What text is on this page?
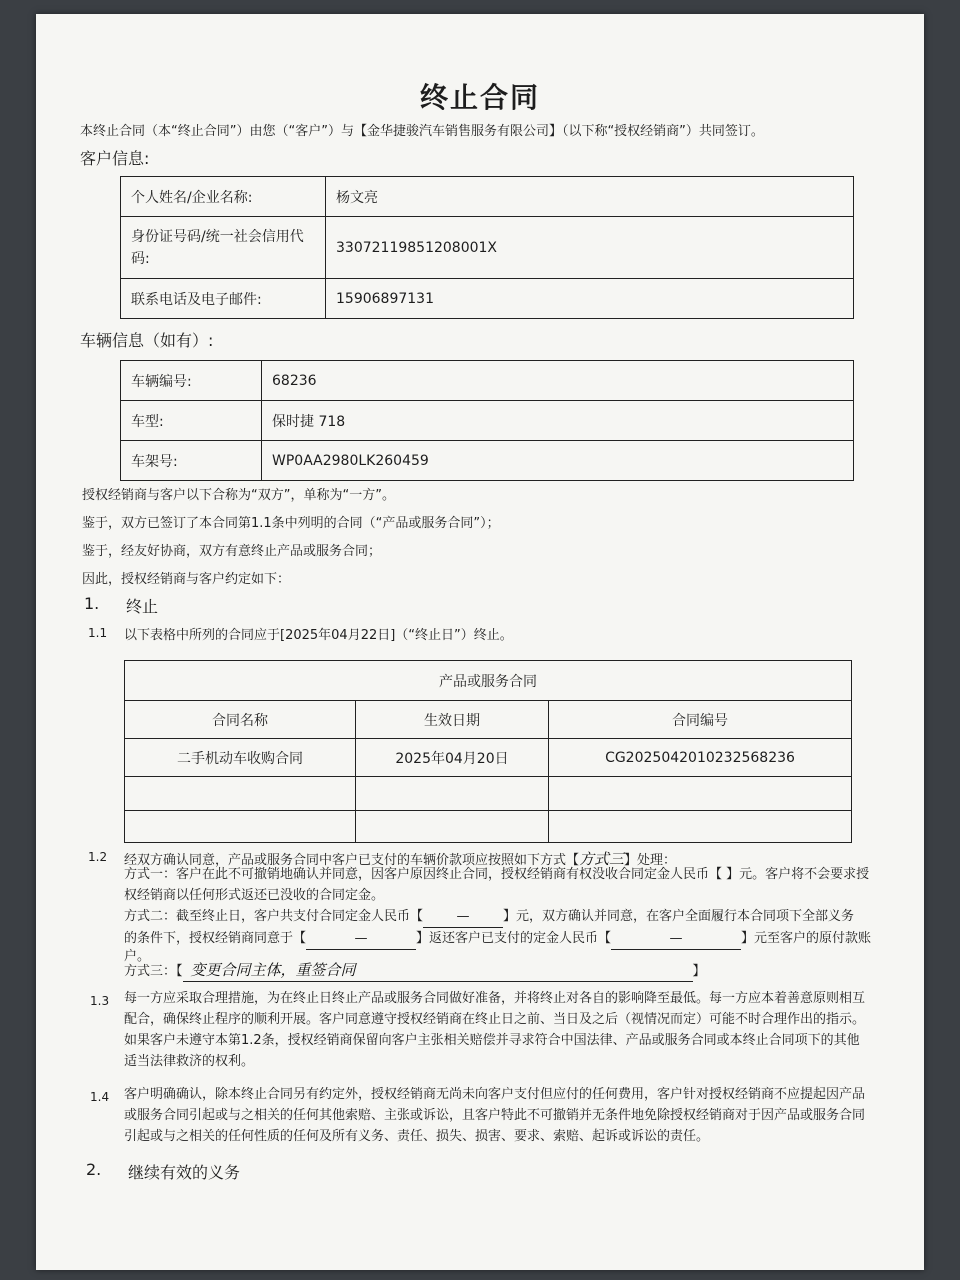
终止合同
本终止合同（本“终止合同”）由您（“客户”）与【金华捷骏汽车销售服务有限公司】（以下称“授权经销商”）共同签订。
客户信息:
个人姓名/企业名称:	杨文亮
身份证号码/统一社会信用代码:	33072119851208001X
联系电话及电子邮件:	15906897131
车辆信息（如有）:
车辆编号:	68236
车型:	保时捷 718
车架号:	WP0AA2980LK260459
授权经销商与客户以下合称为“双方”，单称为“一方”。
鉴于，双方已签订了本合同第1.1条中列明的合同（“产品或服务合同”）；
鉴于，经友好协商，双方有意终止产品或服务合同；
因此，授权经销商与客户约定如下：
1. 终止
1.1 以下表格中所列的合同应于[2025年04月22日]（“终止日”）终止。
产品或服务合同		
合同名称	生效日期	合同编号
二手机动车收购合同	2025年04月20日	CG2025042010232568236

1.2 经双方确认同意，产品或服务合同中客户已支付的车辆价款项应按照如下方式【方式三】处理：
方式一：客户在此不可撤销地确认并同意，因客户原因终止合同，授权经销商有权没收合同定金人民币【 】元。客户将不会要求授
权经销商以任何形式返还已没收的合同定金。
方式二：截至终止日，客户共支付合同定金人民币【	—	】元，双方确认并同意，在客户全面履行本合同项下全部义务
的条件下，授权经销商同意于【	—	】返还客户已支付的定金人民币【	—	】元至客户的原付款账
户。
方式三：【 变更合同主体，重签合同	】
1.3 每一方应采取合理措施，为在终止日终止产品或服务合同做好准备，并将终止对各自的影响降至最低。每一方应本着善意原则相互
配合，确保终止程序的顺利开展。客户同意遵守授权经销商在终止日之前、当日及之后（视情况而定）可能不时合理作出的指示。
如果客户未遵守本第1.2条，授权经销商保留向客户主张相关赔偿并寻求符合中国法律、产品或服务合同或本终止合同项下的其他
适当法律救济的权利。
1.4 客户明确确认，除本终止合同另有约定外，授权经销商无尚未向客户支付但应付的任何费用，客户针对授权经销商不应提起因产品
或服务合同引起或与之相关的任何其他索赔、主张或诉讼，且客户特此不可撤销并无条件地免除授权经销商对于因产品或服务合同
引起或与之相关的任何性质的任何及所有义务、责任、损失、损害、要求、索赔、起诉或诉讼的责任。
2. 继续有效的义务
